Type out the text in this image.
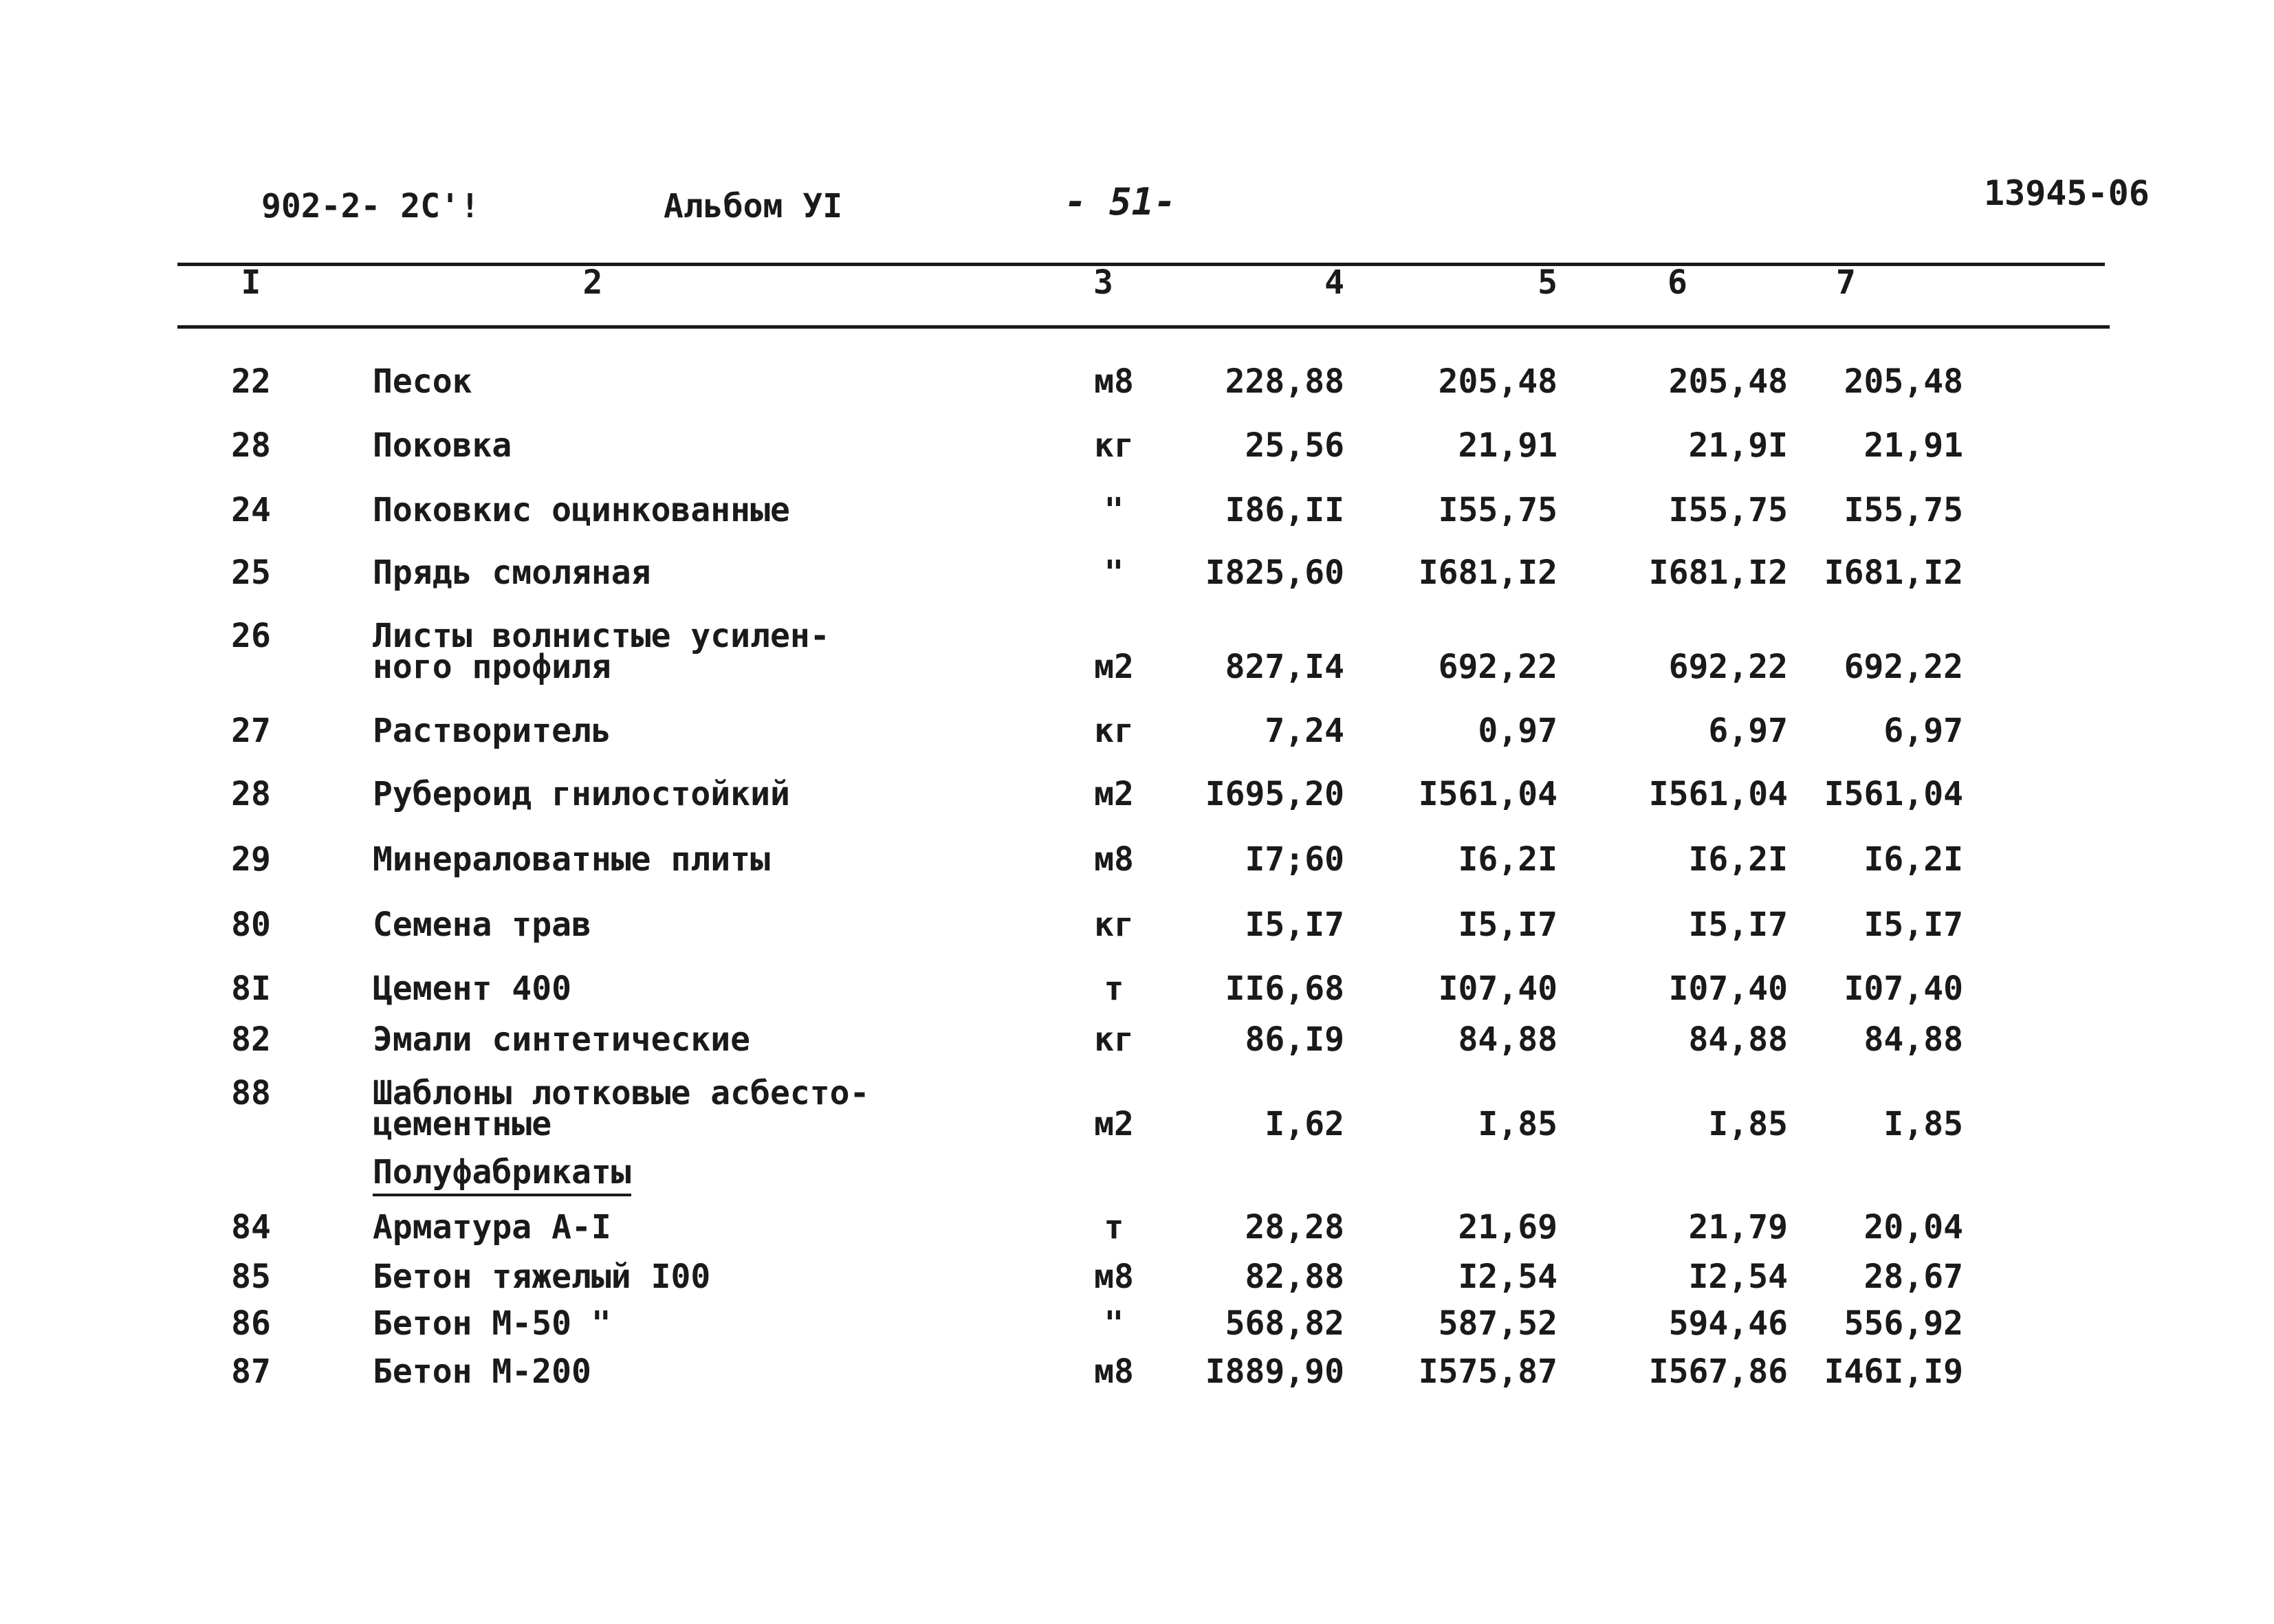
902-2- 2С'!	Альбом УI	- 51-	13945-06
I	2	3	4	5	6	7
22	Песок	м8	228,88	205,48	205,48	205,48
28	Поковка	кг	25,56	21,91	21,9I	21,91
24	Поковкис оцинкованные	"	I86,II	I55,75	I55,75	I55,75
25	Прядь смоляная	"	I825,60	I681,I2	I681,I2	I681,I2
26	Листы волнистые усилен-
ного профиля	м2	827,I4	692,22	692,22	692,22
27	Растворитель	кг	7,24	0,97	6,97	6,97
28	Рубероид гнилостойкий	м2	I695,20	I561,04	I561,04	I561,04
29	Минераловатные плиты	м8	I7;60	I6,2I	I6,2I	I6,2I
80	Семена трав	кг	I5,I7	I5,I7	I5,I7	I5,I7
8I	Цемент 400	т	II6,68	I07,40	I07,40	I07,40
82	Эмали синтетические	кг	86,I9	84,88	84,88	84,88
88	Шаблоны лотковые асбесто-
цементные	м2	I,62	I,85	I,85	I,85
84	Арматура А-I	т	28,28	21,69	21,79	20,04
85	Бетон тяжелый I00	м8	82,88	I2,54	I2,54	28,67
86	Бетон М-50 "	"	568,82	587,52	594,46	556,92
87	Бетон М-200	м8	I889,90	I575,87	I567,86	I46I,I9
Полуфабрикаты
